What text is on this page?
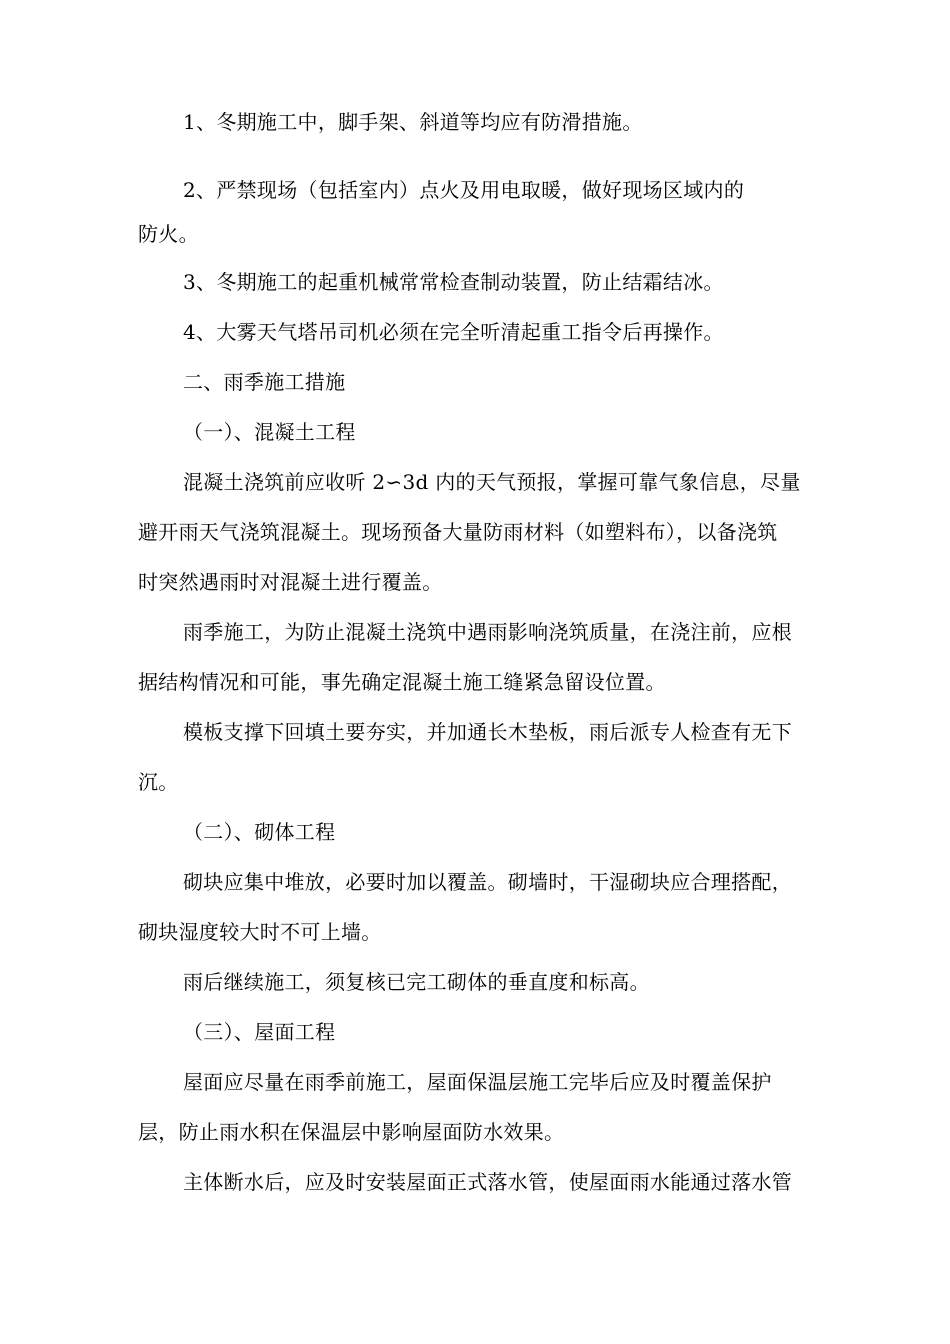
1、冬期施工中，脚手架、斜道等均应有防滑措施。
2、严禁现场（包括室内）点火及用电取暖，做好现场区域内的
防火。
3、冬期施工的起重机械常常检查制动装置，防止结霜结冰。
4、大雾天气塔吊司机必须在完全听清起重工指令后再操作。
二、雨季施工措施
（一）、混凝土工程
混凝土浇筑前应收听 2∽3d 内的天气预报，掌握可靠气象信息，尽量
避开雨天气浇筑混凝土。现场预备大量防雨材料（如塑料布），以备浇筑
时突然遇雨时对混凝土进行覆盖。
雨季施工，为防止混凝土浇筑中遇雨影响浇筑质量，在浇注前，应根
据结构情况和可能，事先确定混凝土施工缝紧急留设位置。
模板支撑下回填土要夯实，并加通长木垫板，雨后派专人检查有无下
沉。
（二）、砌体工程
砌块应集中堆放，必要时加以覆盖。砌墙时，干湿砌块应合理搭配，
砌块湿度较大时不可上墙。
雨后继续施工，须复核已完工砌体的垂直度和标高。
（三）、屋面工程
屋面应尽量在雨季前施工，屋面保温层施工完毕后应及时覆盖保护
层，防止雨水积在保温层中影响屋面防水效果。
主体断水后，应及时安装屋面正式落水管，使屋面雨水能通过落水管
